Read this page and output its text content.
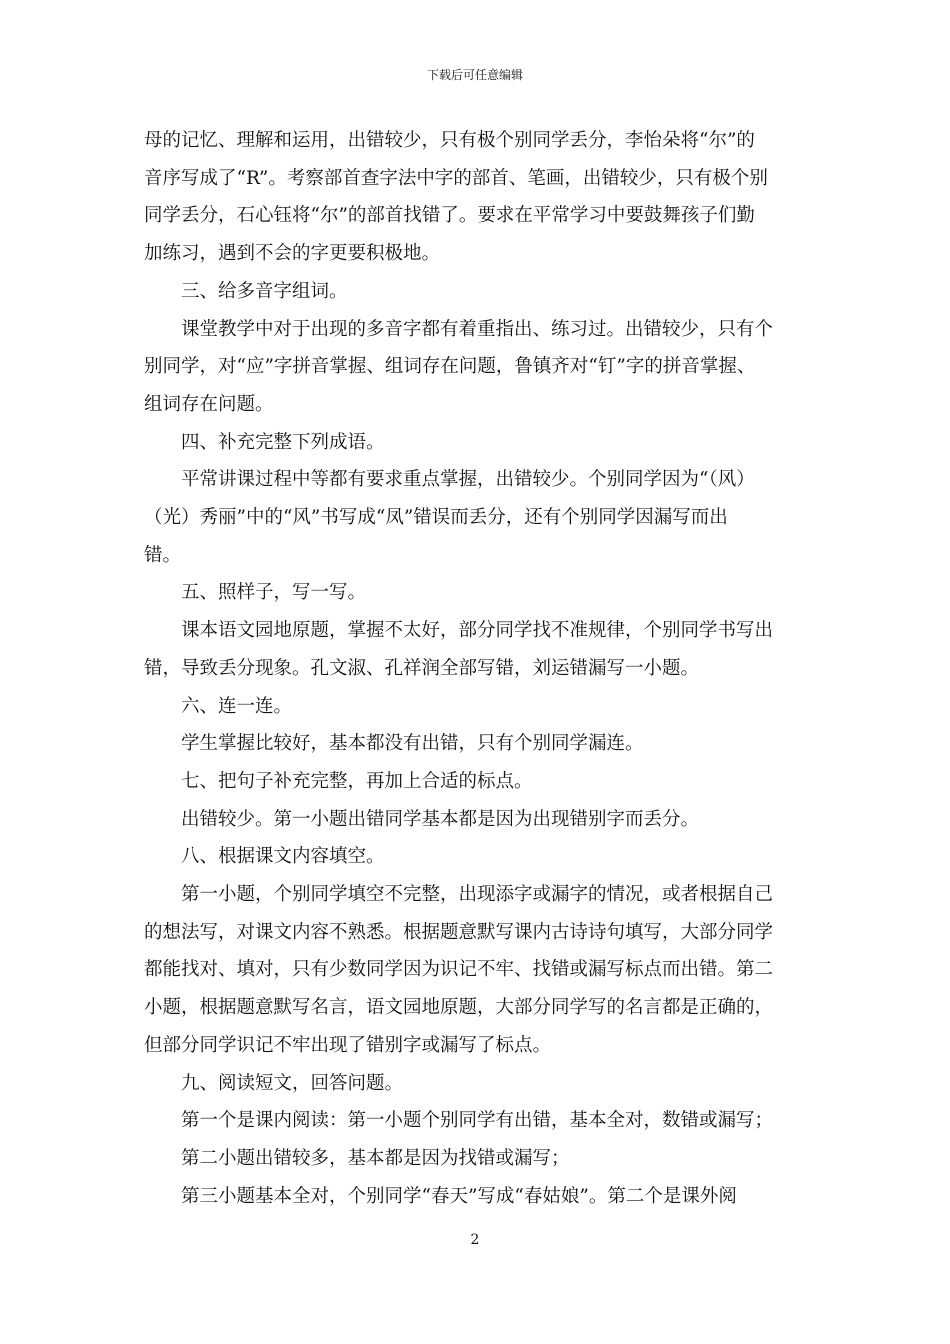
下载后可任意编辑

母的记忆、理解和运用，出错较少，只有极个别同学丢分，李怡朵将“尔”的

音序写成了“R”。考察部首查字法中字的部首、笔画，出错较少，只有极个别

同学丢分，石心钰将“尔”的部首找错了。要求在平常学习中要鼓舞孩子们勤

加练习，遇到不会的字更要积极地。

三、给多音字组词。

课堂教学中对于出现的多音字都有着重指出、练习过。出错较少，只有个

别同学，对“应”字拼音掌握、组词存在问题，鲁镇齐对“钉”字的拼音掌握、

组词存在问题。

四、补充完整下列成语。

平常讲课过程中等都有要求重点掌握，出错较少。个别同学因为“（风）

（光）秀丽”中的“风”书写成“凤”错误而丢分，还有个别同学因漏写而出

错。

五、照样子，写一写。

课本语文园地原题，掌握不太好，部分同学找不准规律，个别同学书写出

错，导致丢分现象。孔文淑、孔祥润全部写错，刘运错漏写一小题。

六、连一连。

学生掌握比较好，基本都没有出错，只有个别同学漏连。

七、把句子补充完整，再加上合适的标点。

出错较少。第一小题出错同学基本都是因为出现错别字而丢分。

八、根据课文内容填空。

第一小题，个别同学填空不完整，出现添字或漏字的情况，或者根据自己

的想法写，对课文内容不熟悉。根据题意默写课内古诗诗句填写，大部分同学

都能找对、填对，只有少数同学因为识记不牢、找错或漏写标点而出错。第二

小题，根据题意默写名言，语文园地原题，大部分同学写的名言都是正确的，

但部分同学识记不牢出现了错别字或漏写了标点。

九、阅读短文，回答问题。

第一个是课内阅读：第一小题个别同学有出错，基本全对，数错或漏写；

第二小题出错较多，基本都是因为找错或漏写；

第三小题基本全对，个别同学“春天”写成“春姑娘”。第二个是课外阅

2
